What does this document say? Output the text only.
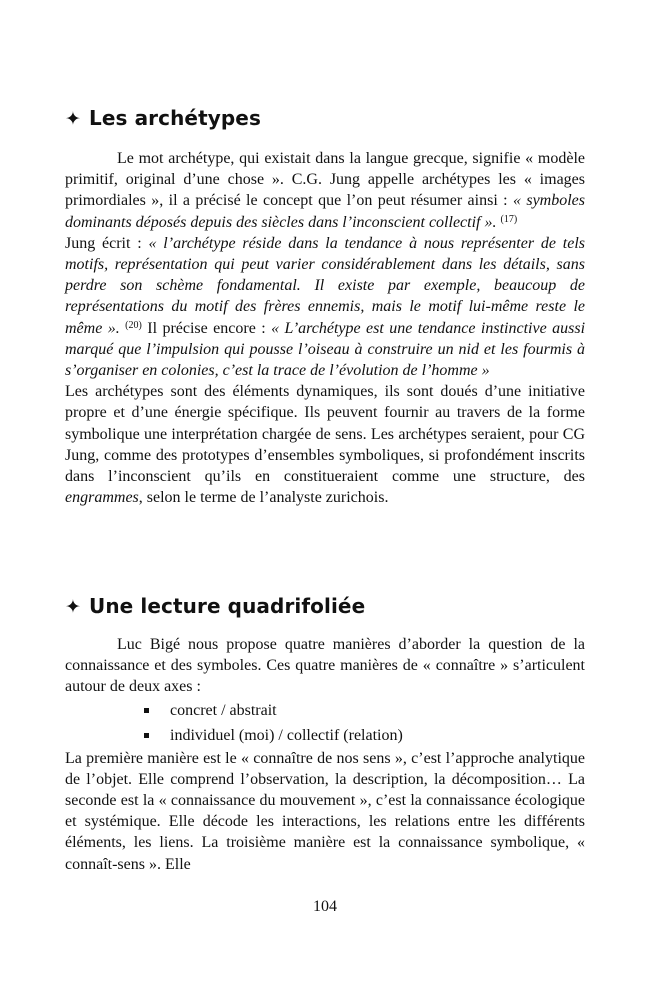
✦ Les archétypes

Le mot archétype, qui existait dans la langue grecque, signifie « modèle primitif, original d’une chose ». C.G. Jung appelle archétypes les « images primordiales », il a précisé le concept que l’on peut résumer ainsi : « symboles dominants déposés depuis des siècles dans l’inconscient collectif ». $^{(17)}$

Jung écrit : « l’archétype réside dans la tendance à nous représenter de tels motifs, représentation qui peut varier considérablement dans les détails, sans perdre son schème fondamental. Il existe par exemple, beaucoup de représentations du motif des frères ennemis, mais le motif lui-même reste le même ». $^{(20)}$ Il précise encore : « L’archétype est une tendance instinctive aussi marqué que l’impulsion qui pousse l’oiseau à construire un nid et les fourmis à s’organiser en colonies, c’est la trace de l’évolution de l’homme »

Les archétypes sont des éléments dynamiques, ils sont doués d’une initiative propre et d’une énergie spécifique. Ils peuvent fournir au travers de la forme symbolique une interprétation chargée de sens. Les archétypes seraient, pour CG Jung, comme des prototypes d’ensembles symboliques, si profondément inscrits dans l’inconscient qu’ils en constitueraient comme une structure, des engrammes, selon le terme de l’analyste zurichois.

✦ Une lecture quadrifoliée

Luc Bigé nous propose quatre manières d’aborder la question de la connaissance et des symboles. Ces quatre manières de « connaître » s’articulent autour de deux axes :

concret / abstrait
individuel (moi) / collectif (relation)

La première manière est le « connaître de nos sens », c’est l’approche analytique de l’objet. Elle comprend l’observation, la description, la décomposition… La seconde est la « connaissance du mouvement », c’est la connaissance écologique et systémique. Elle décode les interactions, les relations entre les différents éléments, les liens. La troisième manière est la connaissance symbolique, « connaît-sens ». Elle

104
